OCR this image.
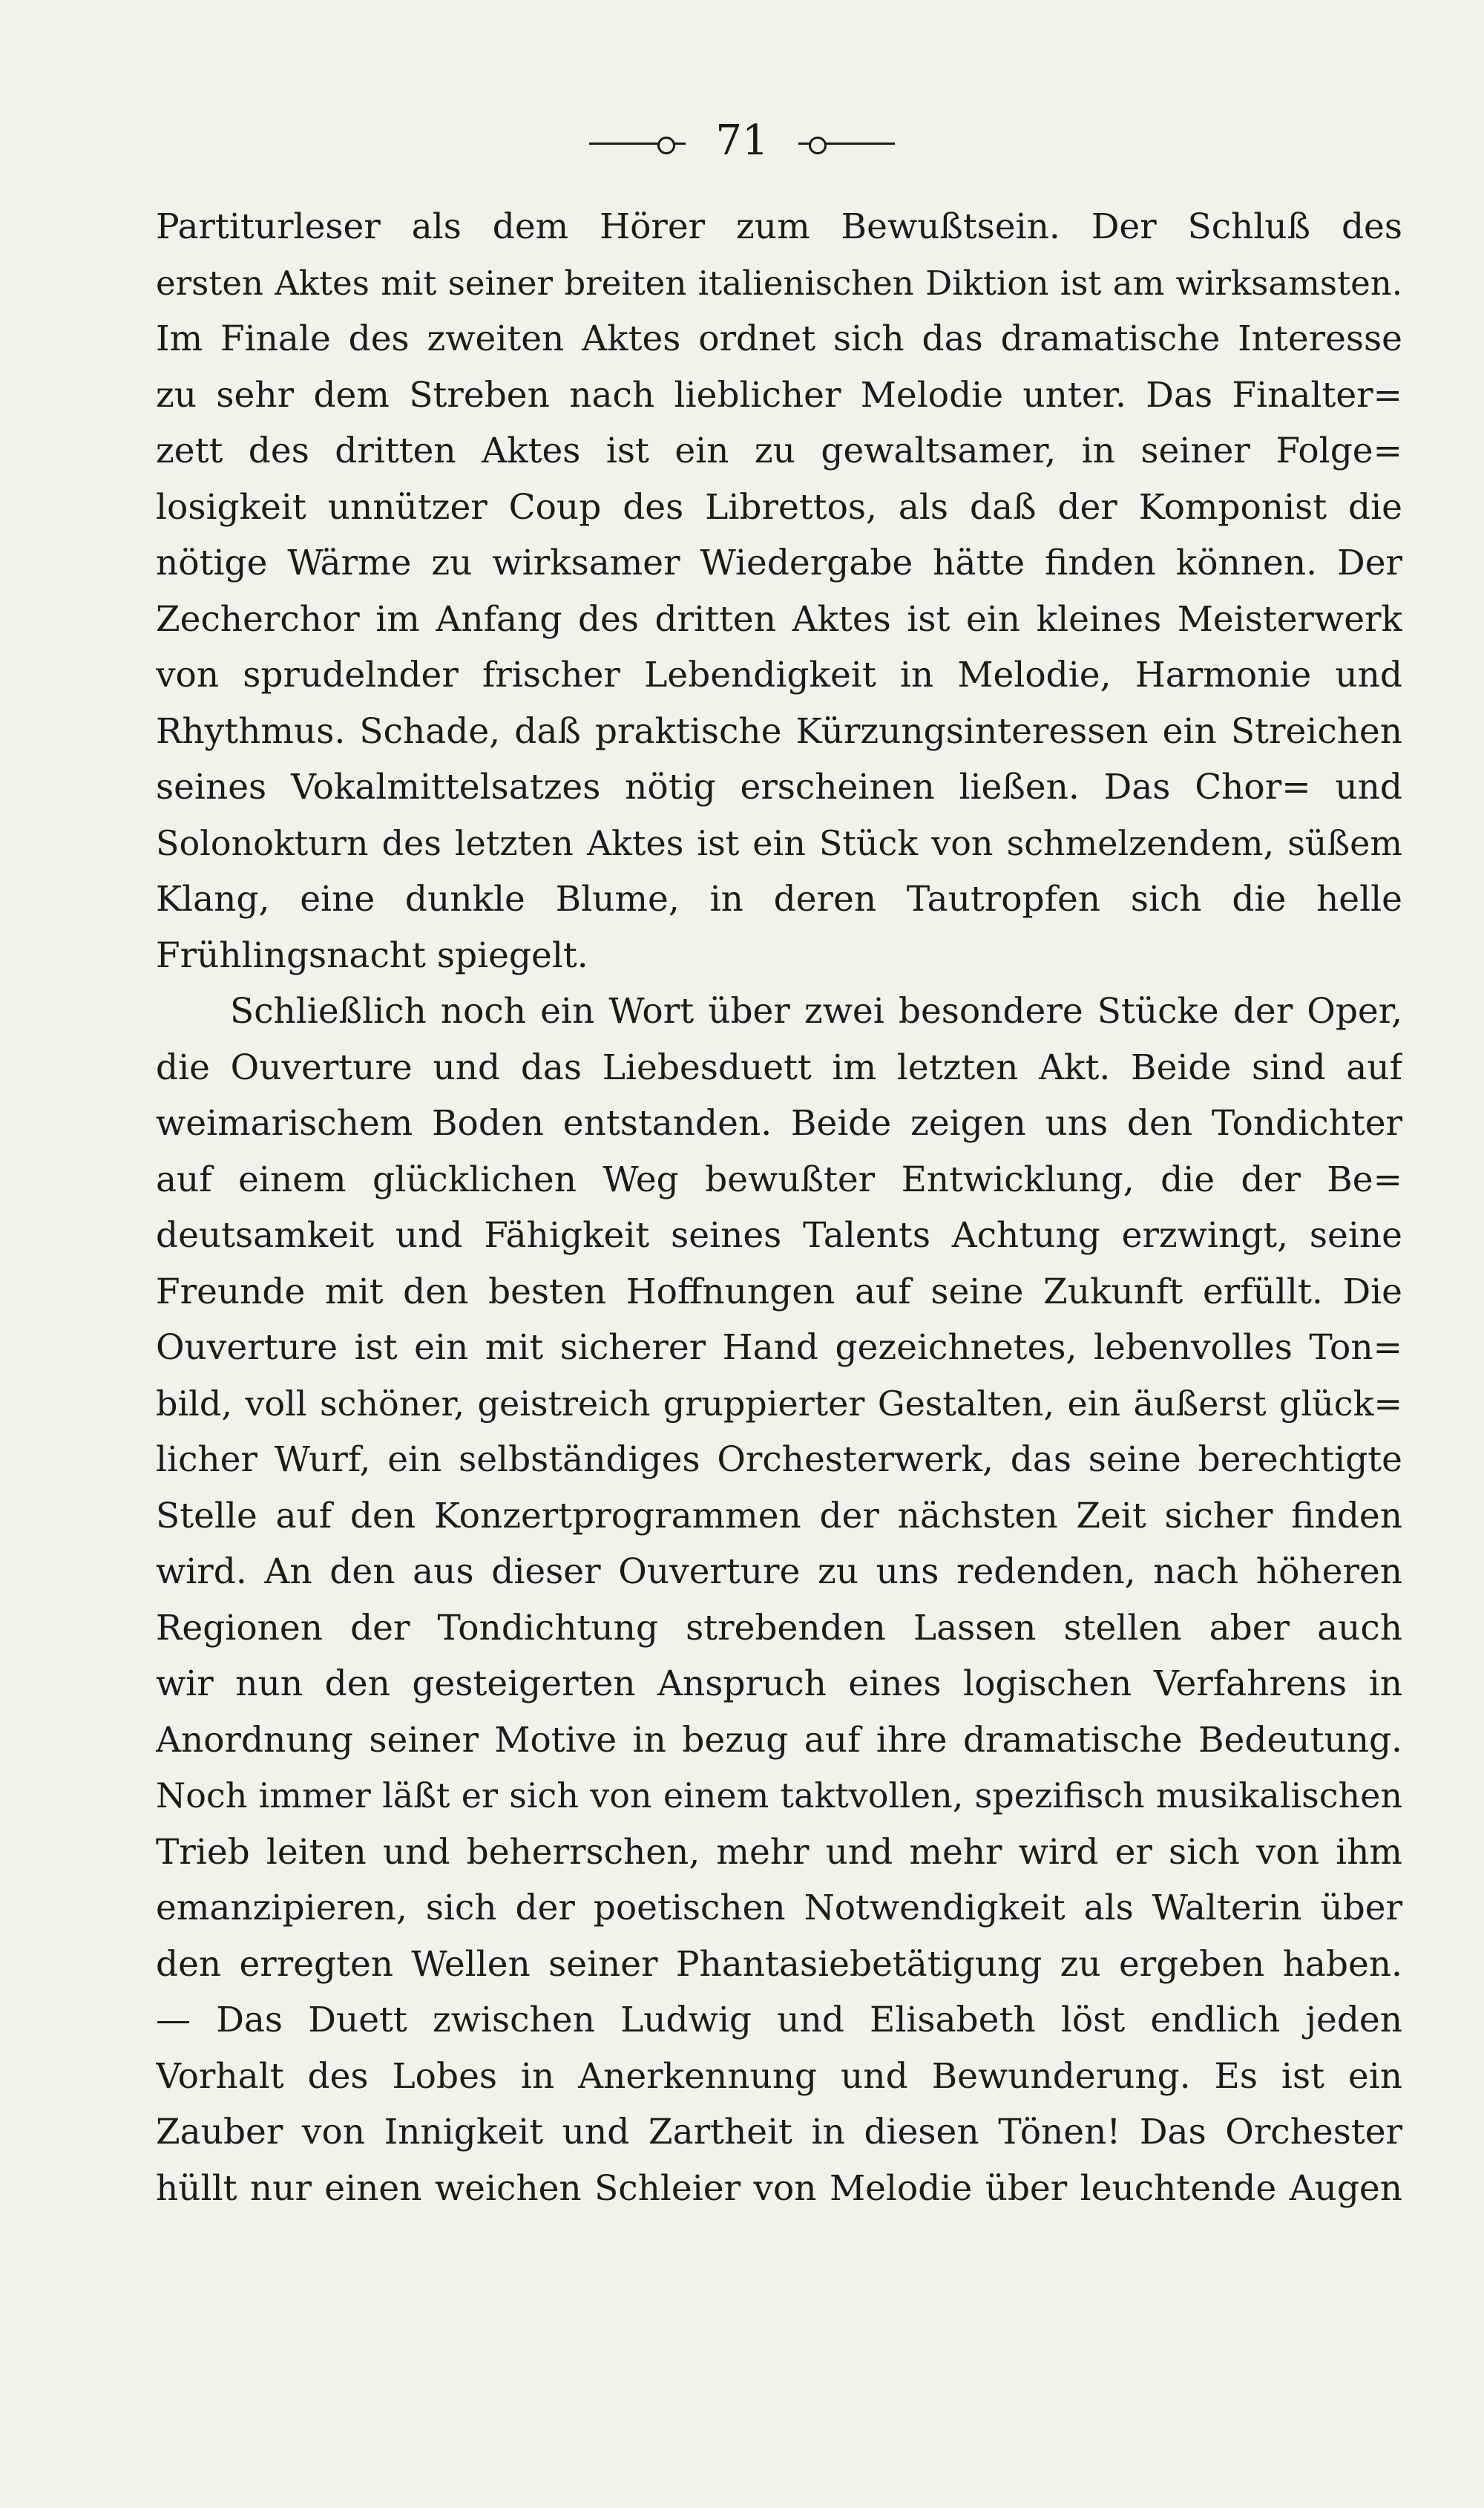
71
Partiturleser als dem Hörer zum Bewußtsein. Der Schluß des
ersten Aktes mit seiner breiten italienischen Diktion ist am wirksamsten.
Im Finale des zweiten Aktes ordnet sich das dramatische Interesse
zu sehr dem Streben nach lieblicher Melodie unter. Das Finalter=
zett des dritten Aktes ist ein zu gewaltsamer, in seiner Folge=
losigkeit unnützer Coup des Librettos, als daß der Komponist die
nötige Wärme zu wirksamer Wiedergabe hätte finden können. Der
Zecherchor im Anfang des dritten Aktes ist ein kleines Meisterwerk
von sprudelnder frischer Lebendigkeit in Melodie, Harmonie und
Rhythmus. Schade, daß praktische Kürzungsinteressen ein Streichen
seines Vokalmittelsatzes nötig erscheinen ließen. Das Chor= und
Solonokturn des letzten Aktes ist ein Stück von schmelzendem, süßem
Klang, eine dunkle Blume, in deren Tautropfen sich die helle
Frühlingsnacht spiegelt.
Schließlich noch ein Wort über zwei besondere Stücke der Oper,
die Ouverture und das Liebesduett im letzten Akt. Beide sind auf
weimarischem Boden entstanden. Beide zeigen uns den Tondichter
auf einem glücklichen Weg bewußter Entwicklung, die der Be=
deutsamkeit und Fähigkeit seines Talents Achtung erzwingt, seine
Freunde mit den besten Hoffnungen auf seine Zukunft erfüllt. Die
Ouverture ist ein mit sicherer Hand gezeichnetes, lebenvolles Ton=
bild, voll schöner, geistreich gruppierter Gestalten, ein äußerst glück=
licher Wurf, ein selbständiges Orchesterwerk, das seine berechtigte
Stelle auf den Konzertprogrammen der nächsten Zeit sicher finden
wird. An den aus dieser Ouverture zu uns redenden, nach höheren
Regionen der Tondichtung strebenden Lassen stellen aber auch
wir nun den gesteigerten Anspruch eines logischen Verfahrens in
Anordnung seiner Motive in bezug auf ihre dramatische Bedeutung.
Noch immer läßt er sich von einem taktvollen, spezifisch musikalischen
Trieb leiten und beherrschen, mehr und mehr wird er sich von ihm
emanzipieren, sich der poetischen Notwendigkeit als Walterin über
den erregten Wellen seiner Phantasiebetätigung zu ergeben haben.
— Das Duett zwischen Ludwig und Elisabeth löst endlich jeden
Vorhalt des Lobes in Anerkennung und Bewunderung. Es ist ein
Zauber von Innigkeit und Zartheit in diesen Tönen! Das Orchester
hüllt nur einen weichen Schleier von Melodie über leuchtende Augen
